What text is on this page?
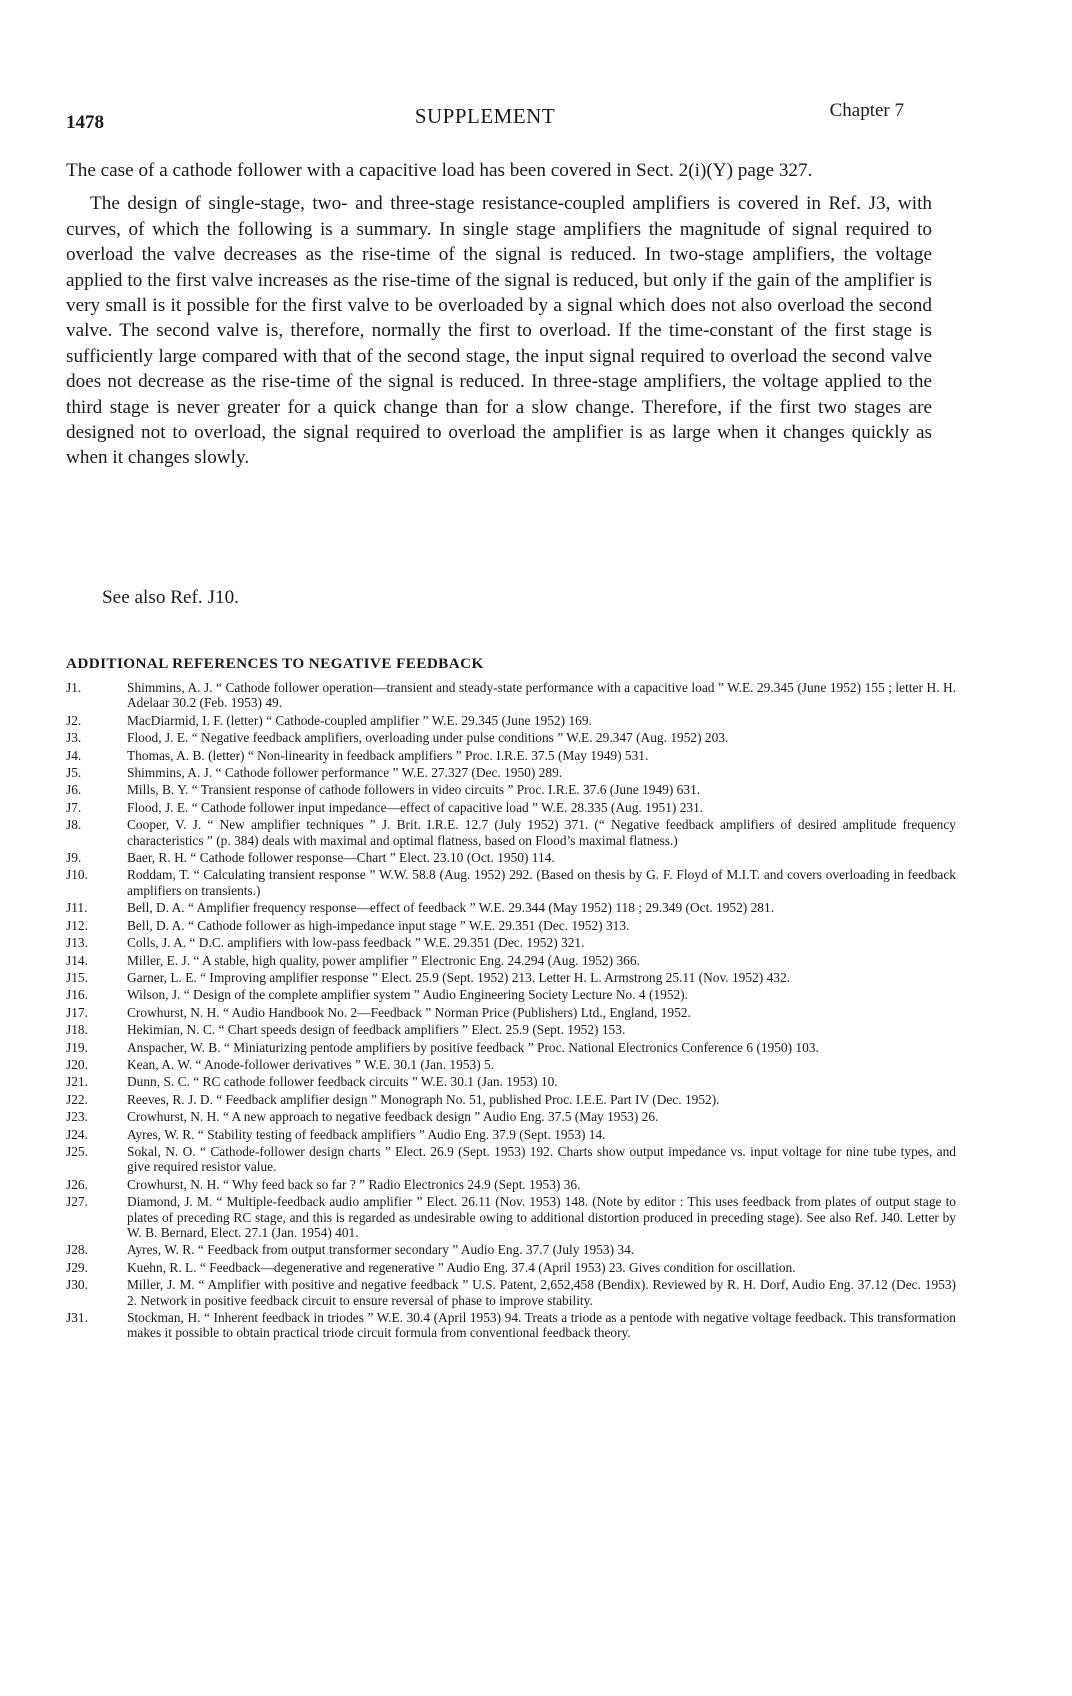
1478	SUPPLEMENT	Chapter 7

The case of a cathode follower with a capacitive load has been covered in Sect. 2(i)(Y) page 327.

The design of single-stage, two- and three-stage resistance-coupled amplifiers is covered in Ref. J3, with curves, of which the following is a summary. In single stage amplifiers the magnitude of signal required to overload the valve decreases as the rise-time of the signal is reduced. In two-stage amplifiers, the voltage applied to the first valve increases as the rise-time of the signal is reduced, but only if the gain of the amplifier is very small is it possible for the first valve to be overloaded by a signal which does not also overload the second valve. The second valve is, therefore, normally the first to overload. If the time-constant of the first stage is sufficiently large compared with that of the second stage, the input signal required to overload the second valve does not decrease as the rise-time of the signal is reduced. In three-stage amplifiers, the voltage applied to the third stage is never greater for a quick change than for a slow change. Therefore, if the first two stages are designed not to overload, the signal required to overload the amplifier is as large when it changes quickly as when it changes slowly.

See also Ref. J10.
ADDITIONAL REFERENCES TO NEGATIVE FEEDBACK
J1.	Shimmins, A. J. “ Cathode follower operation—transient and steady-state performance with a capacitive load ” W.E. 29.345 (June 1952) 155 ; letter H. H. Adelaar 30.2 (Feb. 1953) 49.
J2.	MacDiarmid, I. F. (letter) “ Cathode-coupled amplifier ” W.E. 29.345 (June 1952) 169.
J3.	Flood, J. E. “ Negative feedback amplifiers, overloading under pulse conditions ” W.E. 29.347 (Aug. 1952) 203.
J4.	Thomas, A. B. (letter) “ Non-linearity in feedback amplifiers ” Proc. I.R.E. 37.5 (May 1949) 531.
J5.	Shimmins, A. J. “ Cathode follower performance ” W.E. 27.327 (Dec. 1950) 289.
J6.	Mills, B. Y. “ Transient response of cathode followers in video circuits ” Proc. I.R.E. 37.6 (June 1949) 631.
J7.	Flood, J. E. “ Cathode follower input impedance—effect of capacitive load ” W.E. 28.335 (Aug. 1951) 231.
J8.	Cooper, V. J. “ New amplifier techniques ” J. Brit. I.R.E. 12.7 (July 1952) 371. (“ Negative feedback amplifiers of desired amplitude frequency characteristics ” (p. 384) deals with maximal and optimal flatness, based on Flood’s maximal flatness.)
J9.	Baer, R. H. “ Cathode follower response—Chart ” Elect. 23.10 (Oct. 1950) 114.
J10.	Roddam, T. “ Calculating transient response ” W.W. 58.8 (Aug. 1952) 292. (Based on thesis by G. F. Floyd of M.I.T. and covers overloading in feedback amplifiers on transients.)
J11.	Bell, D. A. “ Amplifier frequency response—effect of feedback ” W.E. 29.344 (May 1952) 118 ; 29.349 (Oct. 1952) 281.
J12.	Bell, D. A. “ Cathode follower as high-impedance input stage ” W.E. 29.351 (Dec. 1952) 313.
J13.	Colls, J. A. “ D.C. amplifiers with low-pass feedback ” W.E. 29.351 (Dec. 1952) 321.
J14.	Miller, E. J. “ A stable, high quality, power amplifier ” Electronic Eng. 24.294 (Aug. 1952) 366.
J15.	Garner, L. E. “ Improving amplifier response ” Elect. 25.9 (Sept. 1952) 213. Letter H. L. Armstrong 25.11 (Nov. 1952) 432.
J16.	Wilson, J. “ Design of the complete amplifier system ” Audio Engineering Society Lecture No. 4 (1952).
J17.	Crowhurst, N. H. “ Audio Handbook No. 2—Feedback ” Norman Price (Publishers) Ltd., England, 1952.
J18.	Hekimian, N. C. “ Chart speeds design of feedback amplifiers ” Elect. 25.9 (Sept. 1952) 153.
J19.	Anspacher, W. B. “ Miniaturizing pentode amplifiers by positive feedback ” Proc. National Electronics Conference 6 (1950) 103.
J20.	Kean, A. W. “ Anode-follower derivatives ” W.E. 30.1 (Jan. 1953) 5.
J21.	Dunn, S. C. “ RC cathode follower feedback circuits ” W.E. 30.1 (Jan. 1953) 10.
J22.	Reeves, R. J. D. “ Feedback amplifier design ” Monograph No. 51, published Proc. I.E.E. Part IV (Dec. 1952).
J23.	Crowhurst, N. H. “ A new approach to negative feedback design ” Audio Eng. 37.5 (May 1953) 26.
J24.	Ayres, W. R. “ Stability testing of feedback amplifiers ” Audio Eng. 37.9 (Sept. 1953) 14.
J25.	Sokal, N. O. “ Cathode-follower design charts ” Elect. 26.9 (Sept. 1953) 192. Charts show output impedance vs. input voltage for nine tube types, and give required resistor value.
J26.	Crowhurst, N. H. “ Why feed back so far ? ” Radio Electronics 24.9 (Sept. 1953) 36.
J27.	Diamond, J. M. “ Multiple-feedback audio amplifier ” Elect. 26.11 (Nov. 1953) 148. (Note by editor : This uses feedback from plates of output stage to plates of preceding RC stage, and this is regarded as undesirable owing to additional distortion produced in preceding stage). See also Ref. J40. Letter by W. B. Bernard, Elect. 27.1 (Jan. 1954) 401.
J28.	Ayres, W. R. “ Feedback from output transformer secondary ” Audio Eng. 37.7 (July 1953) 34.
J29.	Kuehn, R. L. “ Feedback—degenerative and regenerative ” Audio Eng. 37.4 (April 1953) 23. Gives condition for oscillation.
J30.	Miller, J. M. “ Amplifier with positive and negative feedback ” U.S. Patent, 2,652,458 (Bendix). Reviewed by R. H. Dorf, Audio Eng. 37.12 (Dec. 1953) 2. Network in positive feedback circuit to ensure reversal of phase to improve stability.
J31.	Stockman, H. “ Inherent feedback in triodes ” W.E. 30.4 (April 1953) 94. Treats a triode as a pentode with negative voltage feedback. This transformation makes it possible to obtain practical triode circuit formula from conventional feedback theory.
